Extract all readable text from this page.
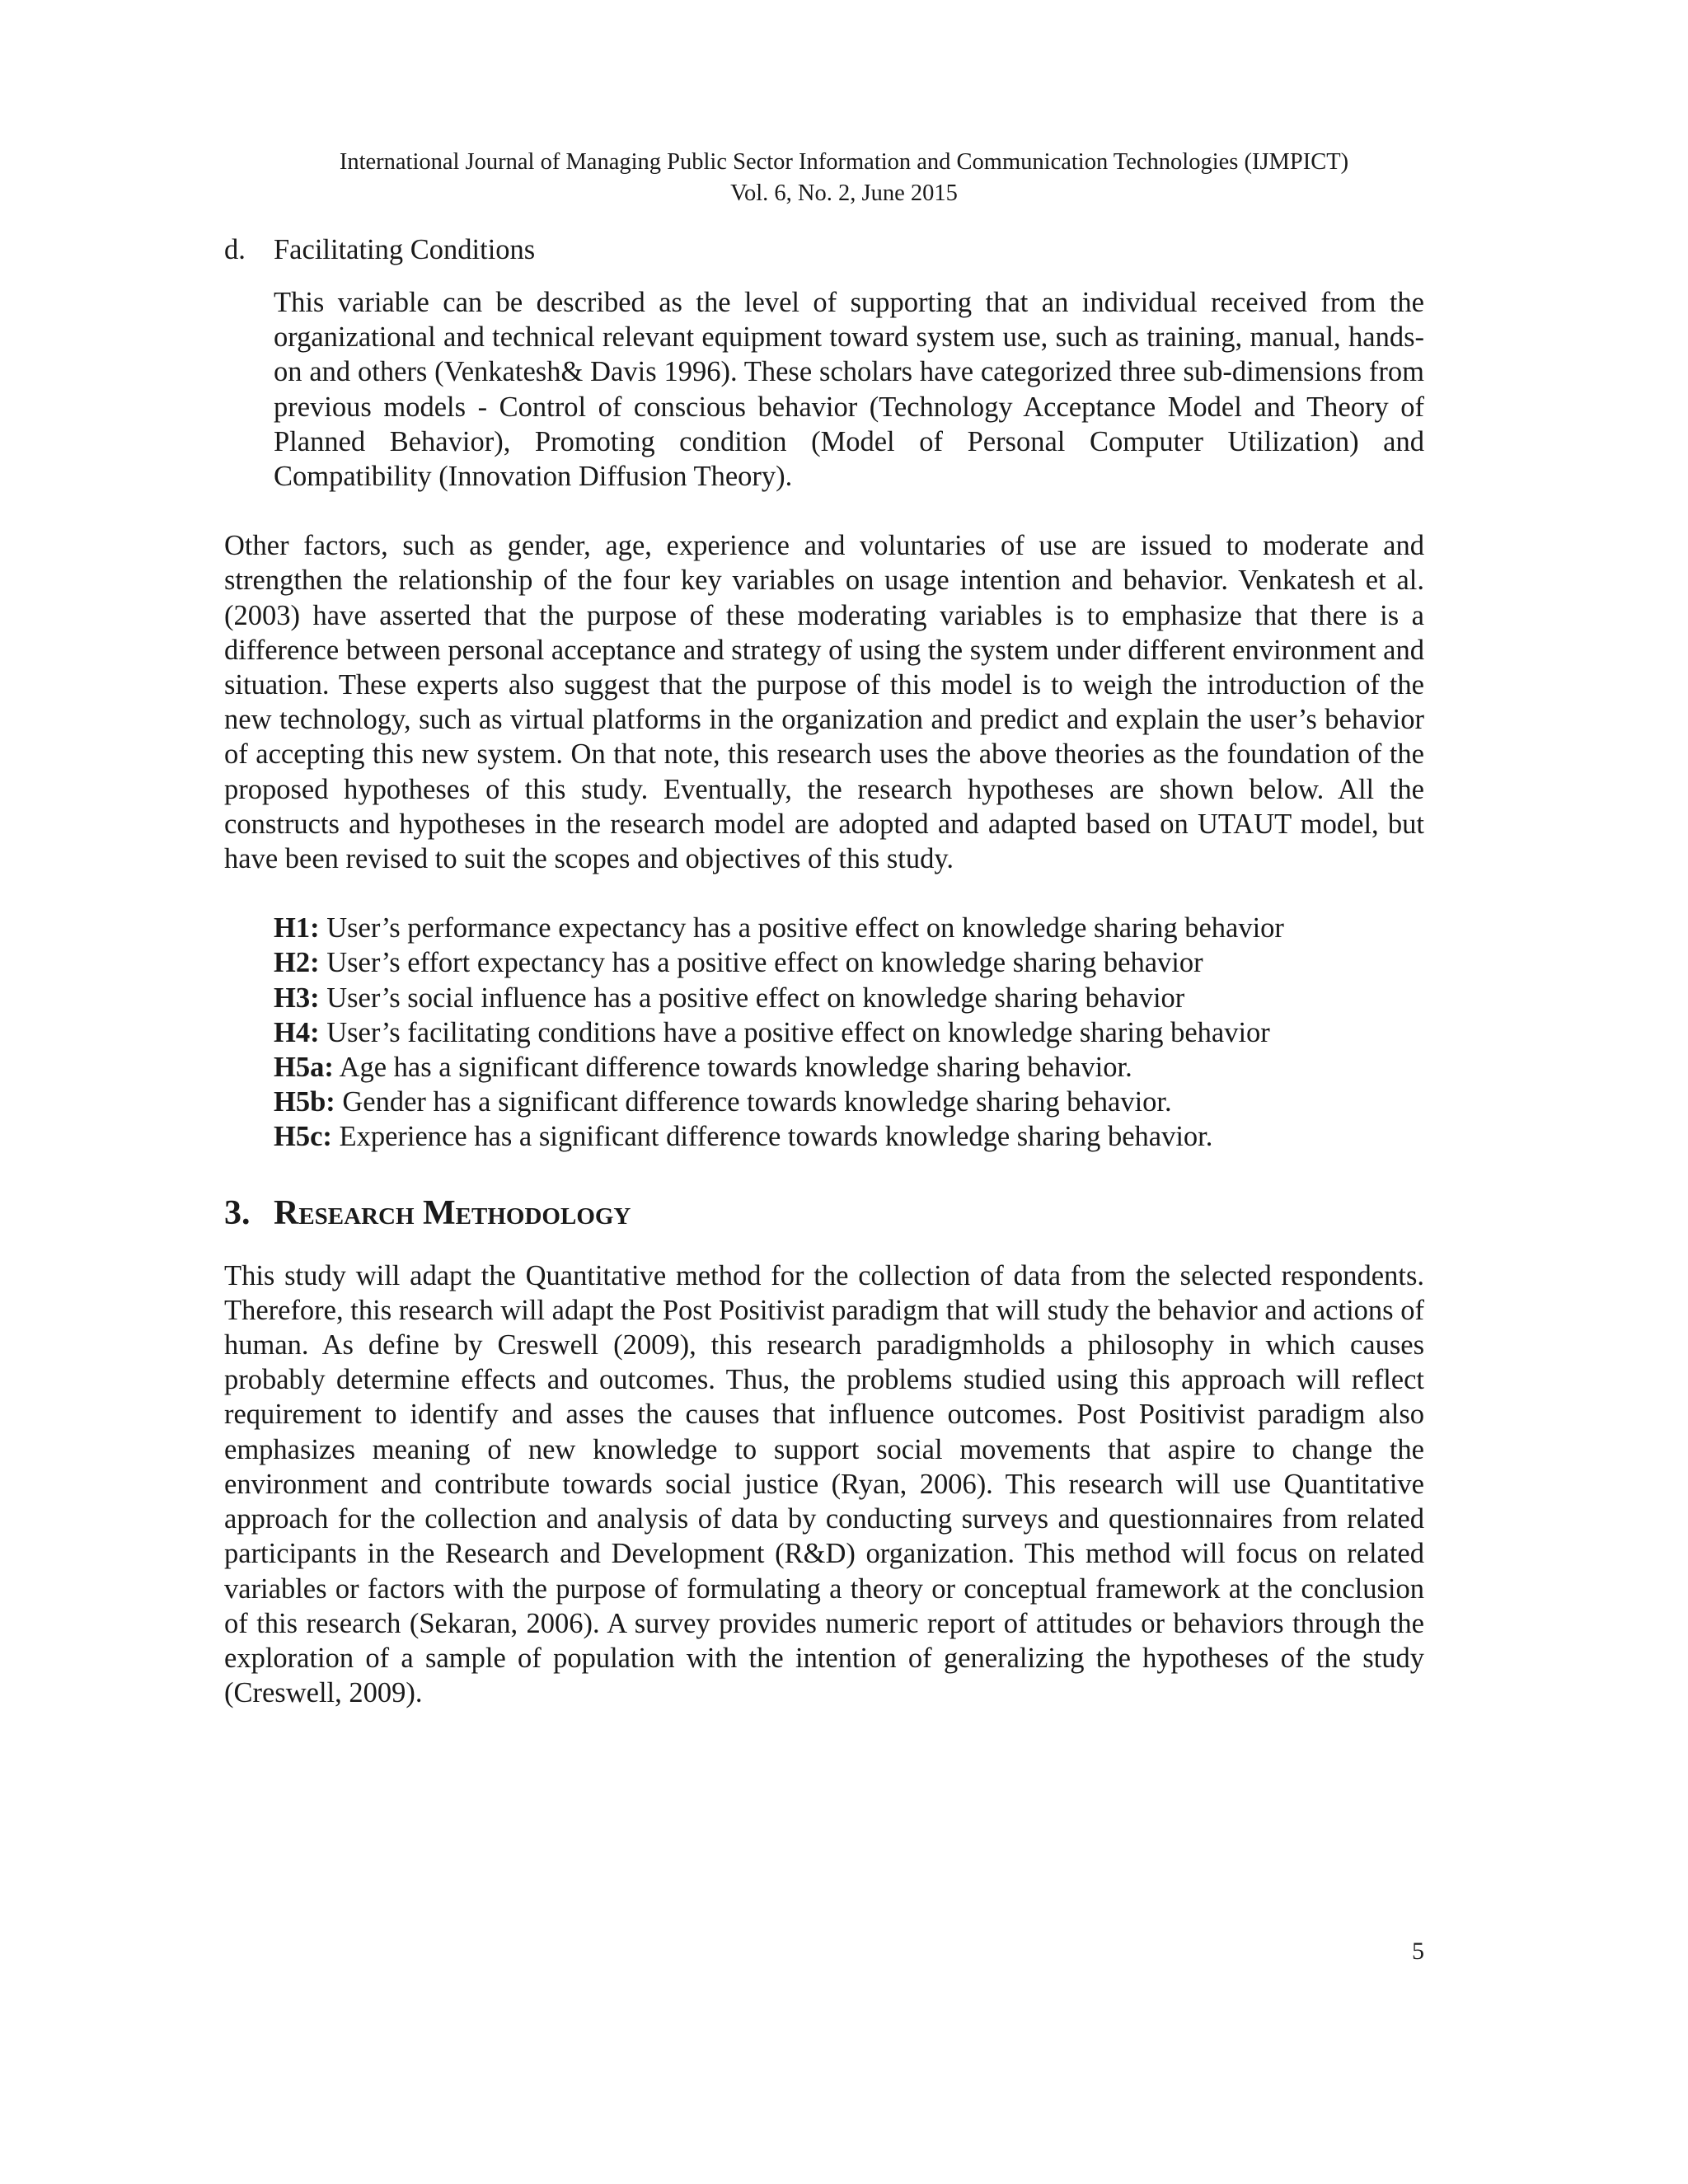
International Journal of Managing Public Sector Information and Communication Technologies (IJMPICT)
Vol. 6, No. 2, June 2015
d. Facilitating Conditions

This variable can be described as the level of supporting that an individual received from the organizational and technical relevant equipment toward system use, such as training, manual, hands-on and others (Venkatesh& Davis 1996). These scholars have categorized three sub-dimensions from previous models - Control of conscious behavior (Technology Acceptance Model and Theory of Planned Behavior), Promoting condition (Model of Personal Computer Utilization) and Compatibility (Innovation Diffusion Theory).

Other factors, such as gender, age, experience and voluntaries of use are issued to moderate and strengthen the relationship of the four key variables on usage intention and behavior. Venkatesh et al. (2003) have asserted that the purpose of these moderating variables is to emphasize that there is a difference between personal acceptance and strategy of using the system under different environment and situation. These experts also suggest that the purpose of this model is to weigh the introduction of the new technology, such as virtual platforms in the organization and predict and explain the user’s behavior of accepting this new system. On that note, this research uses the above theories as the foundation of the proposed hypotheses of this study. Eventually, the research hypotheses are shown below. All the constructs and hypotheses in the research model are adopted and adapted based on UTAUT model, but have been revised to suit the scopes and objectives of this study.

H1: User’s performance expectancy has a positive effect on knowledge sharing behavior
H2: User’s effort expectancy has a positive effect on knowledge sharing behavior
H3: User’s social influence has a positive effect on knowledge sharing behavior
H4: User’s facilitating conditions have a positive effect on knowledge sharing behavior
H5a: Age has a significant difference towards knowledge sharing behavior.
H5b: Gender has a significant difference towards knowledge sharing behavior.
H5c: Experience has a significant difference towards knowledge sharing behavior.
3. Research Methodology

This study will adapt the Quantitative method for the collection of data from the selected respondents. Therefore, this research will adapt the Post Positivist paradigm that will study the behavior and actions of human. As define by Creswell (2009), this research paradigmholds a philosophy in which causes probably determine effects and outcomes. Thus, the problems studied using this approach will reflect requirement to identify and asses the causes that influence outcomes. Post Positivist paradigm also emphasizes meaning of new knowledge to support social movements that aspire to change the environment and contribute towards social justice (Ryan, 2006). This research will use Quantitative approach for the collection and analysis of data by conducting surveys and questionnaires from related participants in the Research and Development (R&D) organization. This method will focus on related variables or factors with the purpose of formulating a theory or conceptual framework at the conclusion of this research (Sekaran, 2006). A survey provides numeric report of attitudes or behaviors through the exploration of a sample of population with the intention of generalizing the hypotheses of the study (Creswell, 2009).

5
